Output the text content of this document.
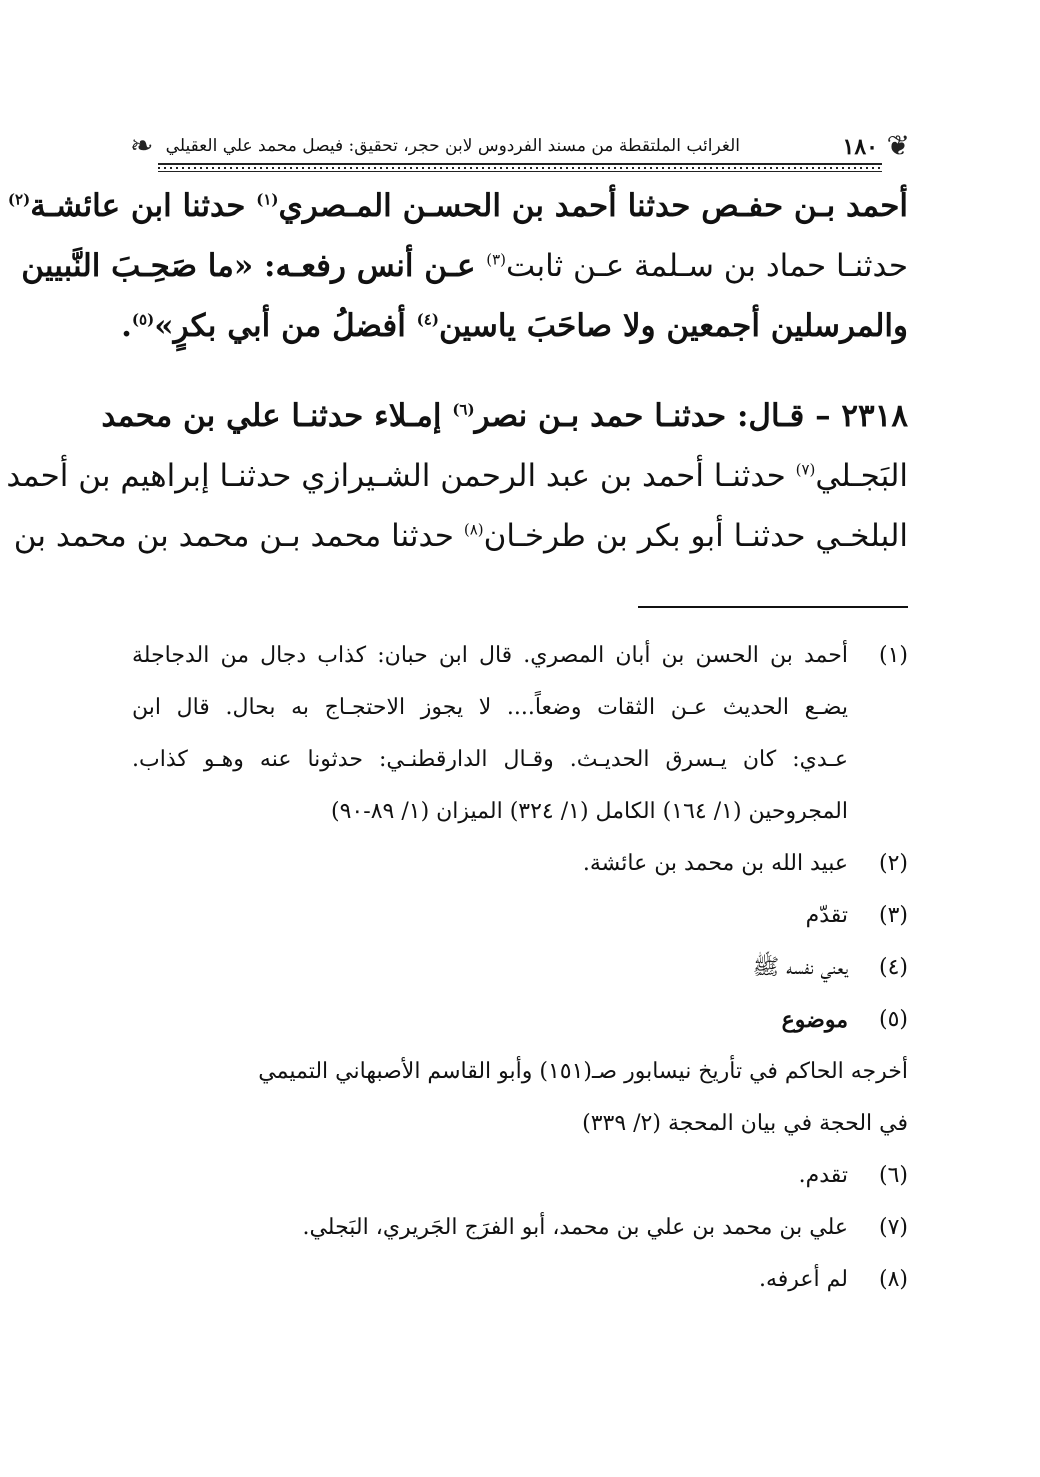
❦
١٨٠
الغرائب الملتقطة من مسند الفردوس لابن حجر، تحقيق: فيصل محمد علي العقيلي
❧

أحمد بـن حفـص حدثنا أحمد بن الحسـن المـصري$^{(١)}$ حدثنا ابن عائشـة$^{(٢)}$
حدثنـا حماد بن سـلمة عـن ثابت$^{(٣)}$ عـن أنس رفعـه: «ما صَحِـبَ النَّبيين
والمرسلين أجمعين ولا صاحَبَ ياسين$^{(٤)}$ أفضلُ من أبي بكرٍ»$^{(٥)}$.

٢٣١٨ – قـال: حدثنـا حمد بـن نصر$^{(٦)}$ إمـلاء حدثنـا علي بن محمد
البَجـلي$^{(٧)}$ حدثنـا أحمد بن عبد الرحمن الشـيرازي حدثنـا إبراهيم بن أحمد
البلخـي حدثنـا أبو بكر بن طرخـان$^{(٨)}$ حدثنا محمد بـن محمد بن محمد بن

(١)
أحمد بن الحسن بن أبان المصري. قال ابن حبان: كذاب دجال من الدجاجلة
يضـع الحديث عـن الثقات وضعاً.... لا يجوز الاحتجـاج به بحال. قال ابن
عـدي: كان يـسرق الحديـث. وقـال الدارقطنـي: حدثونا عنه وهـو كذاب.
المجروحين (١/ ١٦٤) الكامل (١/ ٣٢٤) الميزان (١/ ٨٩-٩٠)
(٢)
عبيد الله بن محمد بن عائشة.
(٣)
تقدّم
(٤)
يعني نفسه ﷺ
(٥)
موضوع
أخرجه الحاكم في تأريخ نيسابور صـ(١٥١) وأبو القاسم الأصبهاني التميمي
في الحجة في بيان المحجة (٢/ ٣٣٩)
(٦)
تقدم.
(٧)
علي بن محمد بن علي بن محمد، أبو الفرَج الجَريري، البَجلي.
(٨)
لم أعرفه.
